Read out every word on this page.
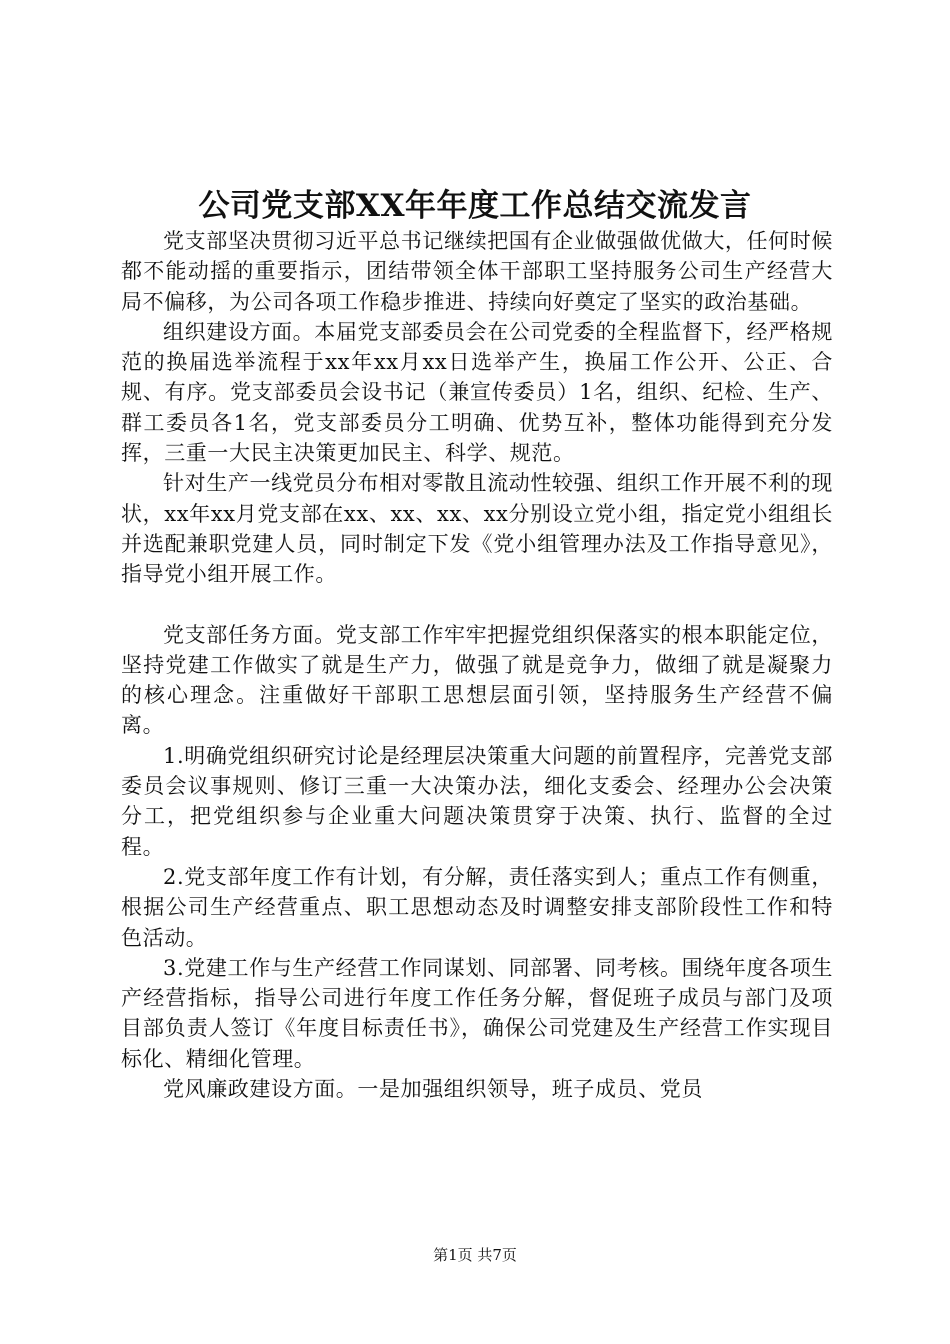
公司党支部XX年年度工作总结交流发言

党支部坚决贯彻习近平总书记继续把国有企业做强做优做大，任何时候都不能动摇的重要指示，团结带领全体干部职工坚持服务公司生产经营大局不偏移，为公司各项工作稳步推进、持续向好奠定了坚实的政治基础。

组织建设方面。本届党支部委员会在公司党委的全程监督下，经严格规范的换届选举流程于xx年xx月xx日选举产生，换届工作公开、公正、合规、有序。党支部委员会设书记（兼宣传委员）1名，组织、纪检、生产、群工委员各1名，党支部委员分工明确、优势互补，整体功能得到充分发挥，三重一大民主决策更加民主、科学、规范。

针对生产一线党员分布相对零散且流动性较强、组织工作开展不利的现状，xx年xx月党支部在xx、xx、xx、xx分别设立党小组，指定党小组组长并选配兼职党建人员，同时制定下发《党小组管理办法及工作指导意见》，指导党小组开展工作。

党支部任务方面。党支部工作牢牢把握党组织保落实的根本职能定位，坚持党建工作做实了就是生产力，做强了就是竞争力，做细了就是凝聚力的核心理念。注重做好干部职工思想层面引领，坚持服务生产经营不偏离。

1.明确党组织研究讨论是经理层决策重大问题的前置程序，完善党支部委员会议事规则、修订三重一大决策办法，细化支委会、经理办公会决策分工，把党组织参与企业重大问题决策贯穿于决策、执行、监督的全过程。

2.党支部年度工作有计划，有分解，责任落实到人；重点工作有侧重，根据公司生产经营重点、职工思想动态及时调整安排支部阶段性工作和特色活动。

3.党建工作与生产经营工作同谋划、同部署、同考核。围绕年度各项生产经营指标，指导公司进行年度工作任务分解，督促班子成员与部门及项目部负责人签订《年度目标责任书》，确保公司党建及生产经营工作实现目标化、精细化管理。

党风廉政建设方面。一是加强组织领导，班子成员、党员

第1页 共7页
